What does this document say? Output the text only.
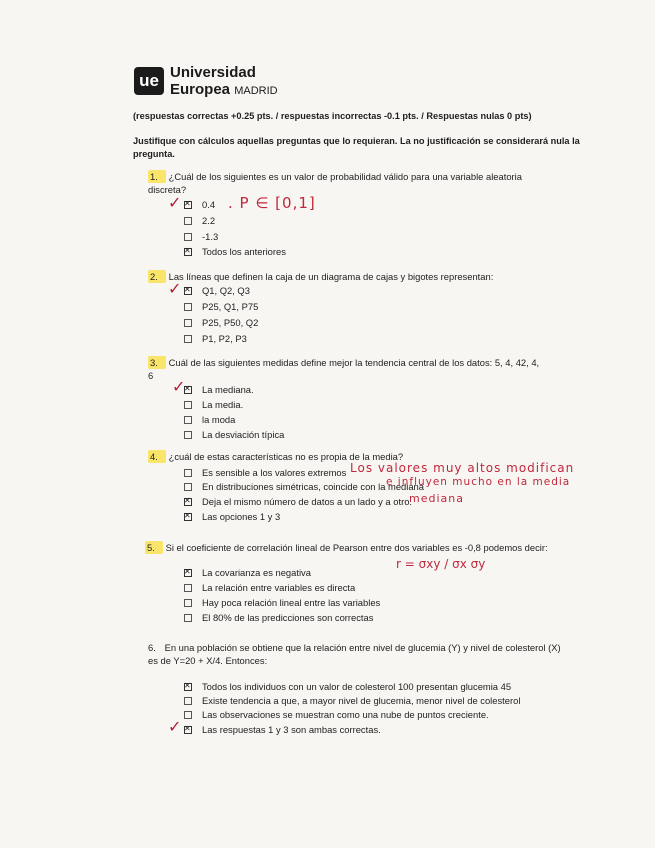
ue Universidad
Europea MADRID
(respuestas correctas +0.25 pts. / respuestas incorrectas -0.1 pts. / Respuestas nulas 0 pts)
Justifique con cálculos aquellas preguntas que lo requieran. La no justificación se considerará nula la pregunta.
1. ¿Cuál de los siguientes es un valor de probabilidad válido para una variable aleatoria discreta?
✓ ✕	0.4 . P ∈ [0,1]
2.2
-1.3
✕Todos los anteriores
2. Las líneas que definen la caja de un diagrama de cajas y bigotes representan:
✓ ✕	Q1, Q2, Q3
P25, Q1, P75
P25, P50, Q2
P1, P2, P3
3. Cuál de las siguientes medidas define mejor la tendencia central de los datos: 5, 4, 42, 4, 6
✓ ✕	La mediana.
La media.
la moda
La desviación típica
4. ¿cuál de estas características no es propia de la media?
Es sensible a los valores extremos Los valores muy altos modifican
En distribuciones simétricas, coincide con la mediana
e influyen mucho en la media
✕Deja el mismo número de datos a un lado y a otro.
mediana
✕Las opciones 1 y 3
5. Si el coeficiente de correlación lineal de Pearson entre dos variables es -0,8 podemos decir:
✕La covarianza es negativa
La relación entre variables es directa
r = σxy / σx σy
Hay poca relación lineal entre las variables
El 80% de las predicciones son correctas
6. En una población se obtiene que la relación entre nivel de glucemia (Y) y nivel de colesterol (X) es de Y=20 + X/4. Entonces:
✕Todos los individuos con un valor de colesterol 100 presentan glucemia 45
Existe tendencia a que, a mayor nivel de glucemia, menor nivel de colesterol
Las observaciones se muestran como una nube de puntos creciente.
✓ ✕	Las respuestas 1 y 3 son ambas correctas.
